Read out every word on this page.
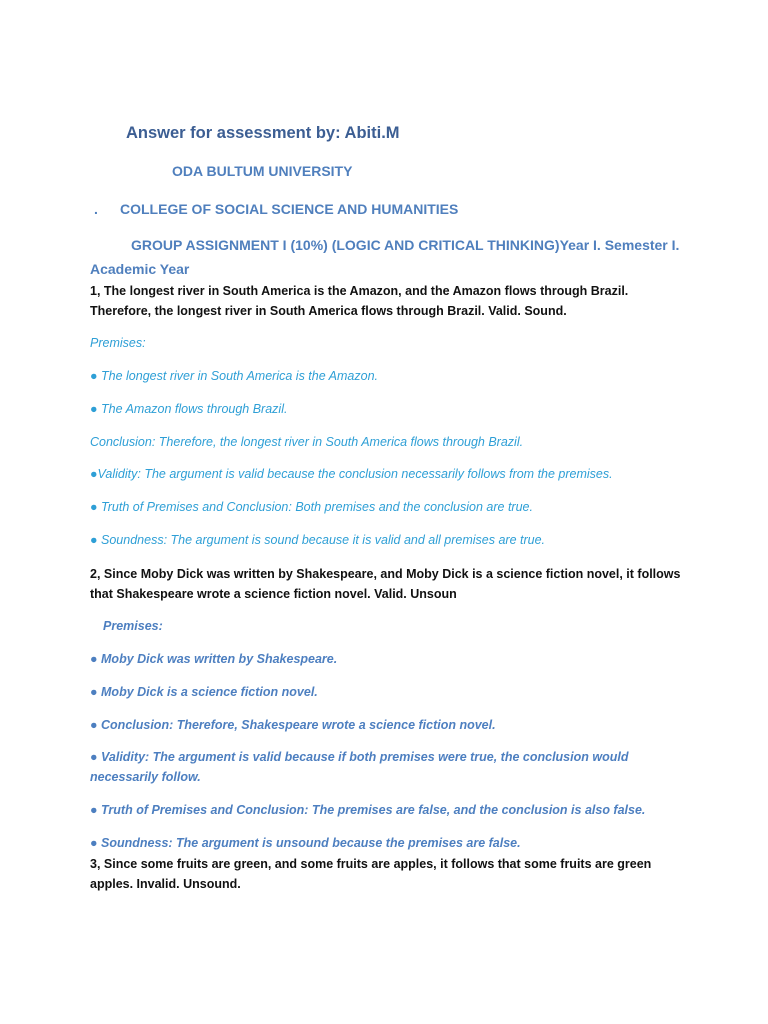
Answer for assessment by: Abiti.M
ODA BULTUM UNIVERSITY
. COLLEGE OF SOCIAL SCIENCE AND HUMANITIES
GROUP ASSIGNMENT I (10%) (LOGIC AND CRITICAL THINKING)Year I. Semester I.
Academic Year
1, The longest river in South America is the Amazon, and the Amazon flows through Brazil. Therefore, the longest river in South America flows through Brazil. Valid. Sound.
Premises:
● The longest river in South America is the Amazon.
● The Amazon flows through Brazil.
Conclusion: Therefore, the longest river in South America flows through Brazil.
●Validity: The argument is valid because the conclusion necessarily follows from the premises.
● Truth of Premises and Conclusion: Both premises and the conclusion are true.
● Soundness: The argument is sound because it is valid and all premises are true.
2, Since Moby Dick was written by Shakespeare, and Moby Dick is a science fiction novel, it follows that Shakespeare wrote a science fiction novel. Valid. Unsoun
Premises:
● Moby Dick was written by Shakespeare.
● Moby Dick is a science fiction novel.
● Conclusion: Therefore, Shakespeare wrote a science fiction novel.
● Validity: The argument is valid because if both premises were true, the conclusion would necessarily follow.
● Truth of Premises and Conclusion: The premises are false, and the conclusion is also false.
● Soundness: The argument is unsound because the premises are false.
3, Since some fruits are green, and some fruits are apples, it follows that some fruits are green apples. Invalid. Unsound.
